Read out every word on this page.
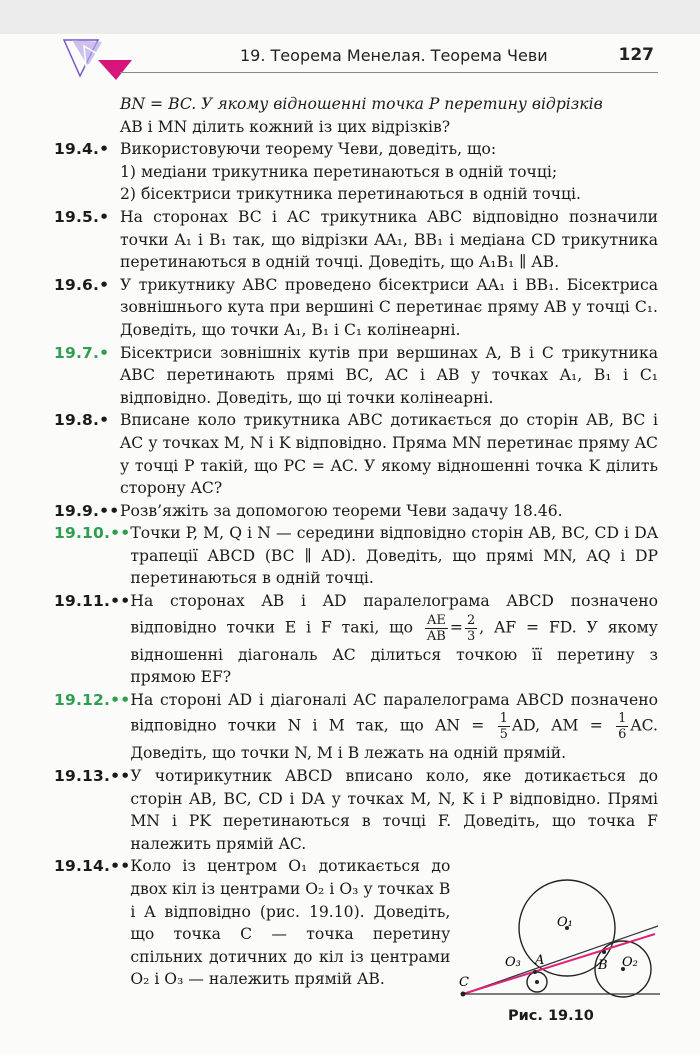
19. Теорема Менелая. Теорема Чеви	127

BN = BC. У якому відношенні точка P перетину відрізків

AB і MN ділить кожний із цих відрізків?

19.4.• Використовуючи теорему Чеви, доведіть, що:

1) медіани трикутника перетинаються в одній точці;

2) бісектриси трикутника перетинаються в одній точці.

19.5.• На сторонах BC і AC трикутника ABC відповідно позначили точки A₁ і B₁ так, що відрізки AA₁, BB₁ і медіана CD трикутника перетинаються в одній точці. Доведіть, що A₁B₁ ∥ AB.
19.6.• У трикутнику ABC проведено бісектриси AA₁ і BB₁. Бісектриса зовнішнього кута при вершині C перетинає пряму AB у точці C₁. Доведіть, що точки A₁, B₁ і C₁ колінеарні.
19.7.• Бісектриси зовнішніх кутів при вершинах A, B і C трикутника ABC перетинають прямі BC, AC і AB у точках A₁, B₁ і C₁ відповідно. Доведіть, що ці точки колінеарні.
19.8.• Вписане коло трикутника ABC дотикається до сторін AB, BC і AC у точках M, N і K відповідно. Пряма MN перетинає пряму AC у точці P такій, що PC = AC. У якому відношенні точка K ділить сторону AC?
19.9.•• Розв’яжіть за допомогою теореми Чеви задачу 18.46.
19.10.•• Точки P, M, Q і N — середини відповідно сторін AB, BC, CD і DA трапеції ABCD (BC ∥ AD). Доведіть, що прямі MN, AQ і DP перетинаються в одній точці.
19.11.•• На сторонах AB і AD паралелограма ABCD позначено відповідно точки E і F такі, що $\frac{AE}{AB} = \frac{2}{3}$ , AF = FD. У якому відношенні діагональ AC ділиться точкою її перетину з прямою EF?
19.12.•• На стороні AD і діагоналі AC паралелограма ABCD позначено відповідно точки N і M так, що AN = $\frac{1}{5}$ AD, AM = $\frac{1}{6}$ AC. Доведіть, що точки N, M і B лежать на одній прямій.
19.13.•• У чотирикутник ABCD вписано коло, яке дотикається до сторін AB, BC, CD і DA у точках M, N, K і P відповідно. Прямі MN і PK перетинаються в точці F. Доведіть, що точка F належить прямій AC.
19.14.•• Коло із центром O₁ дотикається до двох кіл із центрами O₂ і O₃ у точках B і A відповідно (рис. 19.10). Доведіть, що точка C — точка перетину спільних дотичних до кіл із центрами O₂ і O₃ — належить прямій AB.
O₁
O₂
O₃ A	B
C
Рис. 19.10
